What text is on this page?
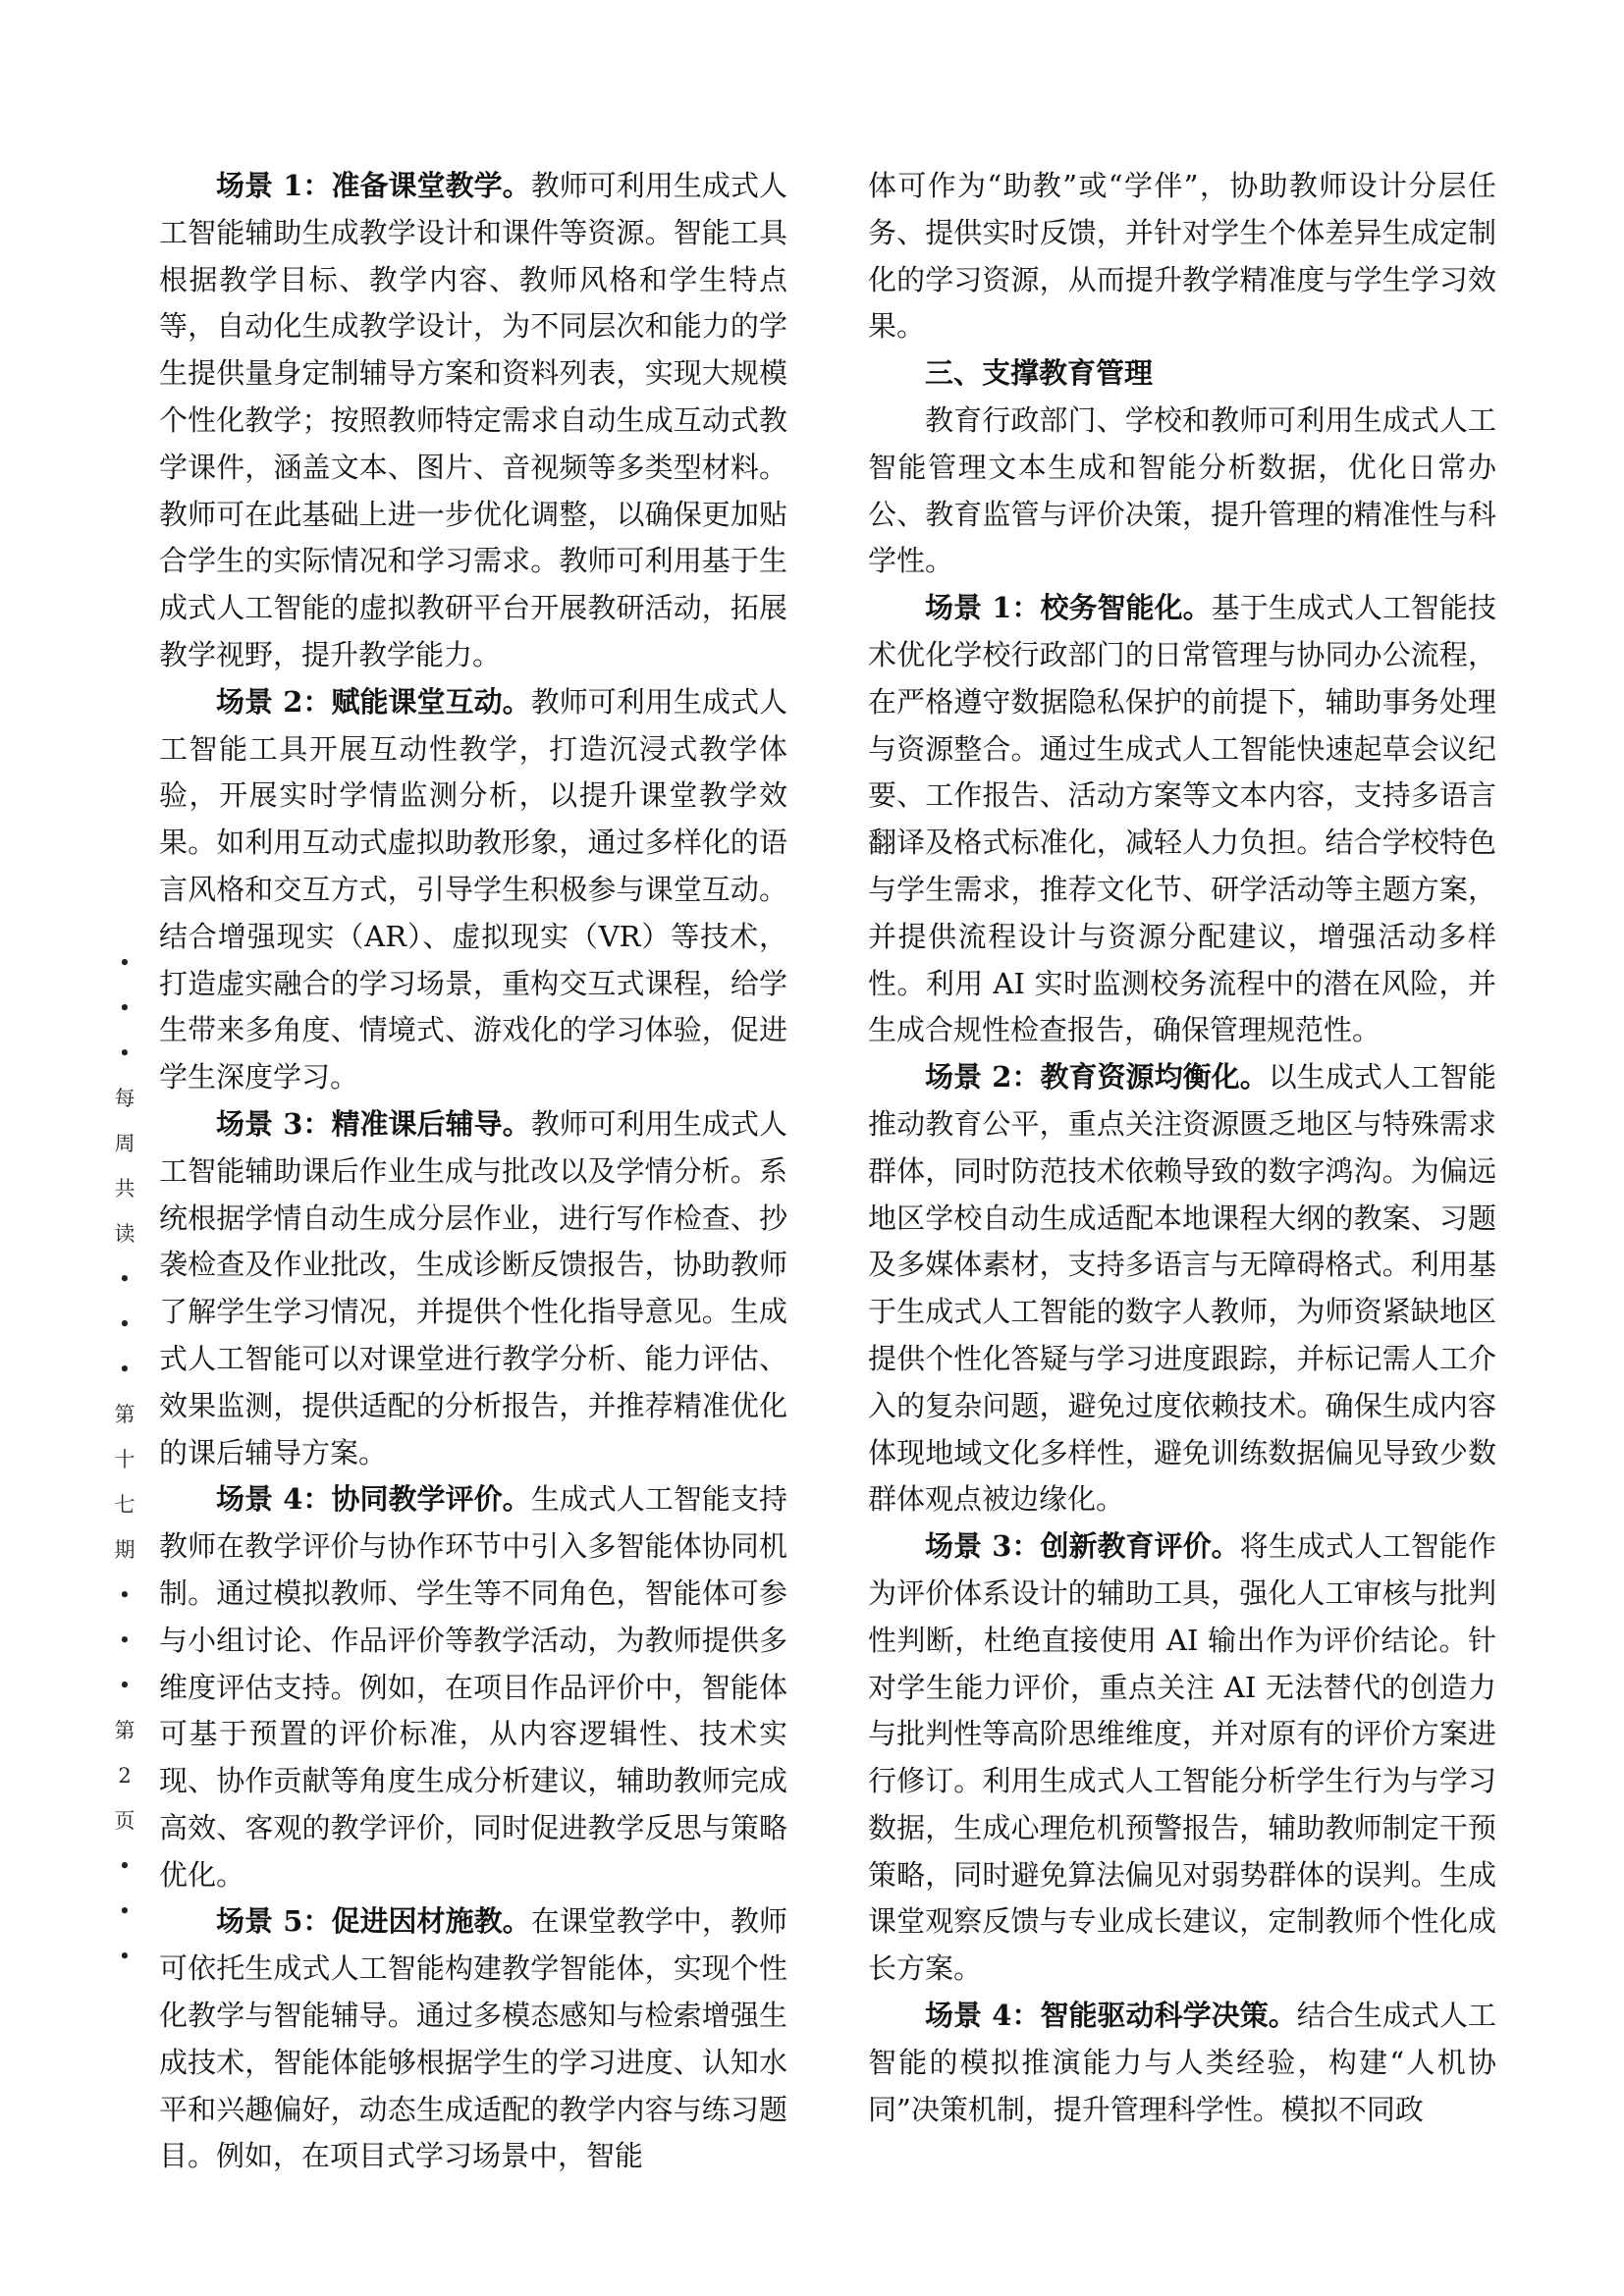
•
•
•
每
周
共
读
•
•
•
第
十
七
期
•
•
•
第
2
页
•
•
•

场景 1：准备课堂教学。教师可利用生成式人工智能辅助生成教学设计和课件等资源。智能工具根据教学目标、教学内容、教师风格和学生特点等，自动化生成教学设计，为不同层次和能力的学生提供量身定制辅导方案和资料列表，实现大规模个性化教学；按照教师特定需求自动生成互动式教学课件，涵盖文本、图片、音视频等多类型材料。教师可在此基础上进一步优化调整，以确保更加贴合学生的实际情况和学习需求。教师可利用基于生成式人工智能的虚拟教研平台开展教研活动，拓展教学视野，提升教学能力。

场景 2：赋能课堂互动。教师可利用生成式人工智能工具开展互动性教学，打造沉浸式教学体验，开展实时学情监测分析，以提升课堂教学效果。如利用互动式虚拟助教形象，通过多样化的语言风格和交互方式，引导学生积极参与课堂互动。结合增强现实（AR）、虚拟现实（VR）等技术，打造虚实融合的学习场景，重构交互式课程，给学生带来多角度、情境式、游戏化的学习体验，促进学生深度学习。

场景 3：精准课后辅导。教师可利用生成式人工智能辅助课后作业生成与批改以及学情分析。系统根据学情自动生成分层作业，进行写作检查、抄袭检查及作业批改，生成诊断反馈报告，协助教师了解学生学习情况，并提供个性化指导意见。生成式人工智能可以对课堂进行教学分析、能力评估、效果监测，提供适配的分析报告，并推荐精准优化的课后辅导方案。

场景 4：协同教学评价。生成式人工智能支持教师在教学评价与协作环节中引入多智能体协同机制。通过模拟教师、学生等不同角色，智能体可参与小组讨论、作品评价等教学活动，为教师提供多维度评估支持。例如，在项目作品评价中，智能体可基于预置的评价标准，从内容逻辑性、技术实现、协作贡献等角度生成分析建议，辅助教师完成高效、客观的教学评价，同时促进教学反思与策略优化。

场景 5：促进因材施教。在课堂教学中，教师可依托生成式人工智能构建教学智能体，实现个性化教学与智能辅导。通过多模态感知与检索增强生成技术，智能体能够根据学生的学习进度、认知水平和兴趣偏好，动态生成适配的教学内容与练习题目。例如，在项目式学习场景中，智能

体可作为“助教”或“学伴”，协助教师设计分层任务、提供实时反馈，并针对学生个体差异生成定制化的学习资源，从而提升教学精准度与学生学习效果。

三、支撑教育管理

教育行政部门、学校和教师可利用生成式人工智能管理文本生成和智能分析数据，优化日常办公、教育监管与评价决策，提升管理的精准性与科学性。

场景 1：校务智能化。基于生成式人工智能技术优化学校行政部门的日常管理与协同办公流程，在严格遵守数据隐私保护的前提下，辅助事务处理与资源整合。通过生成式人工智能快速起草会议纪要、工作报告、活动方案等文本内容，支持多语言翻译及格式标准化，减轻人力负担。结合学校特色与学生需求，推荐文化节、研学活动等主题方案，并提供流程设计与资源分配建议，增强活动多样性。利用 AI 实时监测校务流程中的潜在风险，并生成合规性检查报告，确保管理规范性。

场景 2：教育资源均衡化。以生成式人工智能推动教育公平，重点关注资源匮乏地区与特殊需求群体，同时防范技术依赖导致的数字鸿沟。为偏远地区学校自动生成适配本地课程大纲的教案、习题及多媒体素材，支持多语言与无障碍格式。利用基于生成式人工智能的数字人教师，为师资紧缺地区提供个性化答疑与学习进度跟踪，并标记需人工介入的复杂问题，避免过度依赖技术。确保生成内容体现地域文化多样性，避免训练数据偏见导致少数群体观点被边缘化。

场景 3：创新教育评价。将生成式人工智能作为评价体系设计的辅助工具，强化人工审核与批判性判断，杜绝直接使用 AI 输出作为评价结论。针对学生能力评价，重点关注 AI 无法替代的创造力与批判性等高阶思维维度，并对原有的评价方案进行修订。利用生成式人工智能分析学生行为与学习数据，生成心理危机预警报告，辅助教师制定干预策略，同时避免算法偏见对弱势群体的误判。生成课堂观察反馈与专业成长建议，定制教师个性化成长方案。

场景 4：智能驱动科学决策。结合生成式人工智能的模拟推演能力与人类经验，构建“人机协同”决策机制，提升管理科学性。模拟不同政
